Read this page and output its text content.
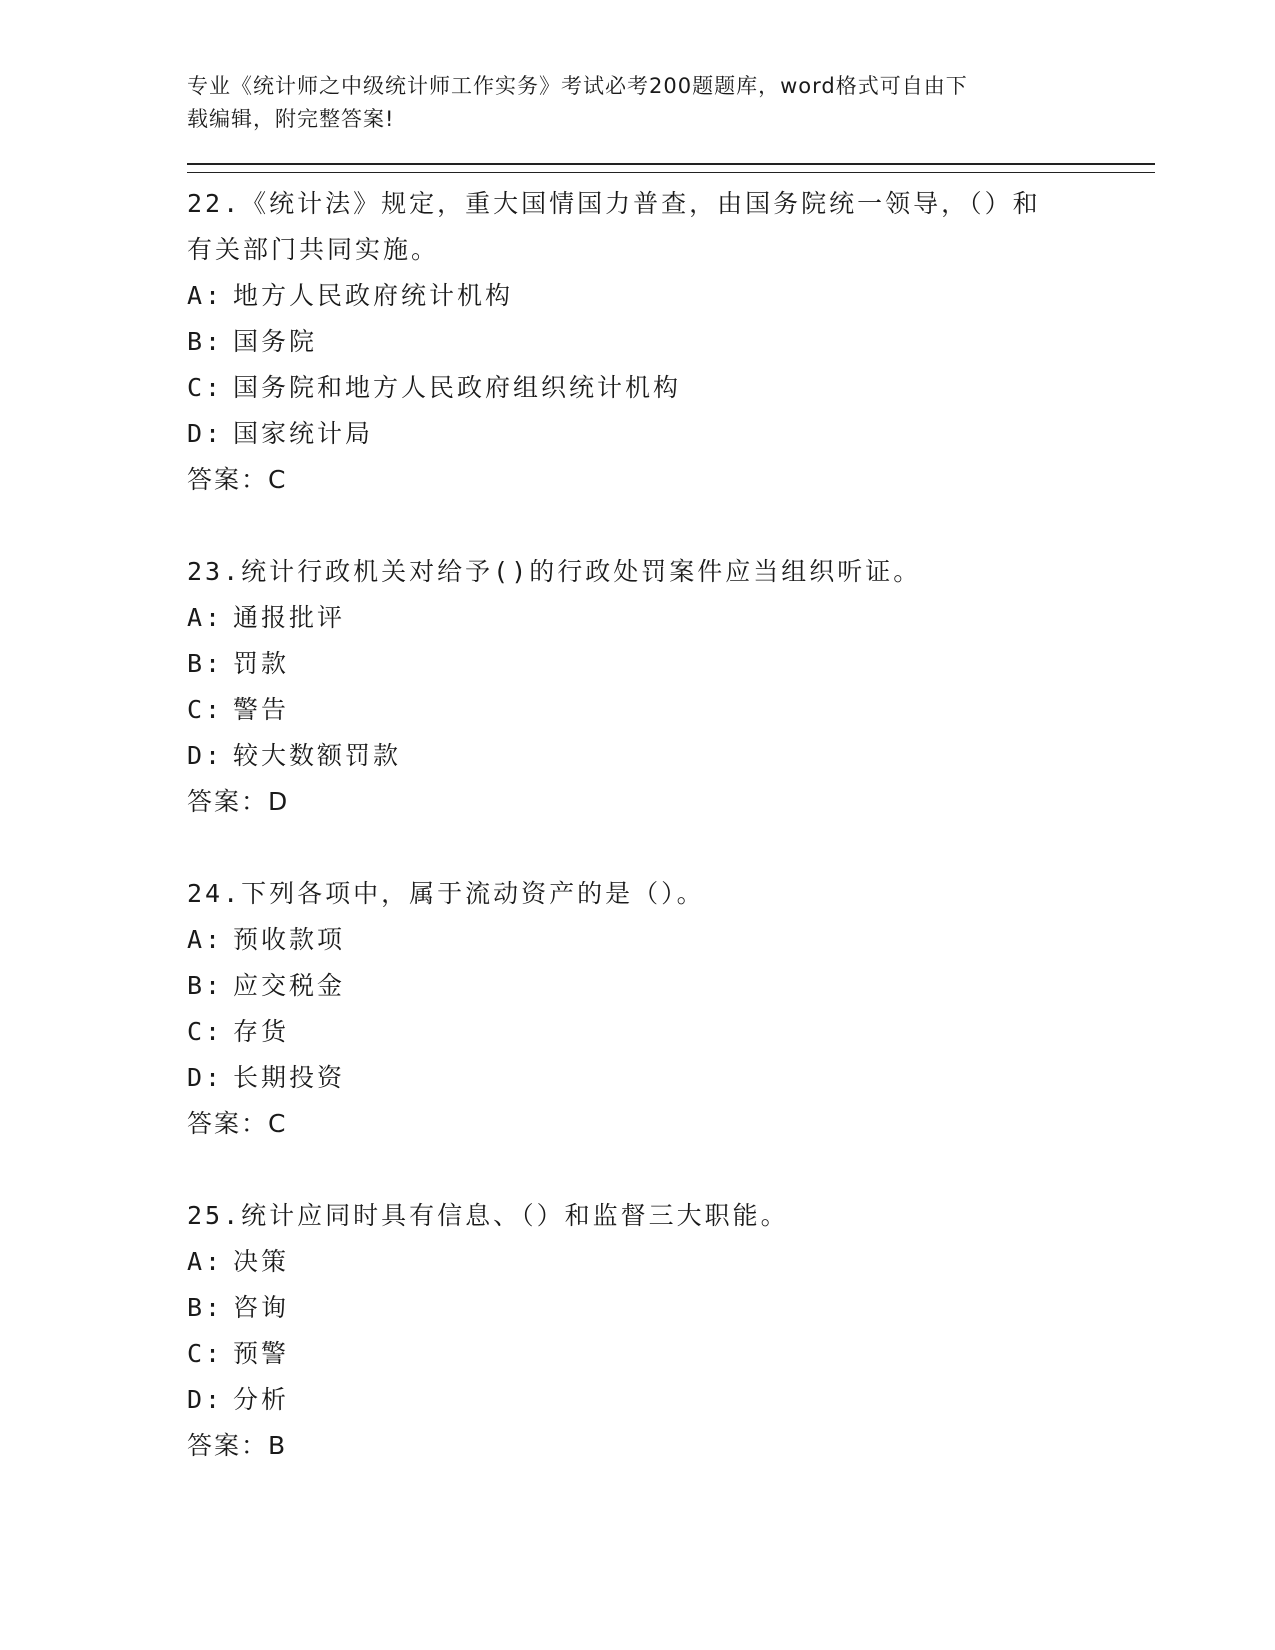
专业《统计师之中级统计师工作实务》考试必考200题题库，word格式可自由下
载编辑，附完整答案!
22.《统计法》规定，重大国情国力普查，由国务院统一领导，（）和有关部门共同实施。
A: 地方人民政府统计机构
B: 国务院
C: 国务院和地方人民政府组织统计机构
D: 国家统计局
答案：C
23.统计行政机关对给予()的行政处罚案件应当组织听证。
A: 通报批评
B: 罚款
C: 警告
D: 较大数额罚款
答案：D
24.下列各项中，属于流动资产的是（）。
A: 预收款项
B: 应交税金
C: 存货
D: 长期投资
答案：C
25.统计应同时具有信息、（）和监督三大职能。
A: 决策
B: 咨询
C: 预警
D: 分析
答案：B
